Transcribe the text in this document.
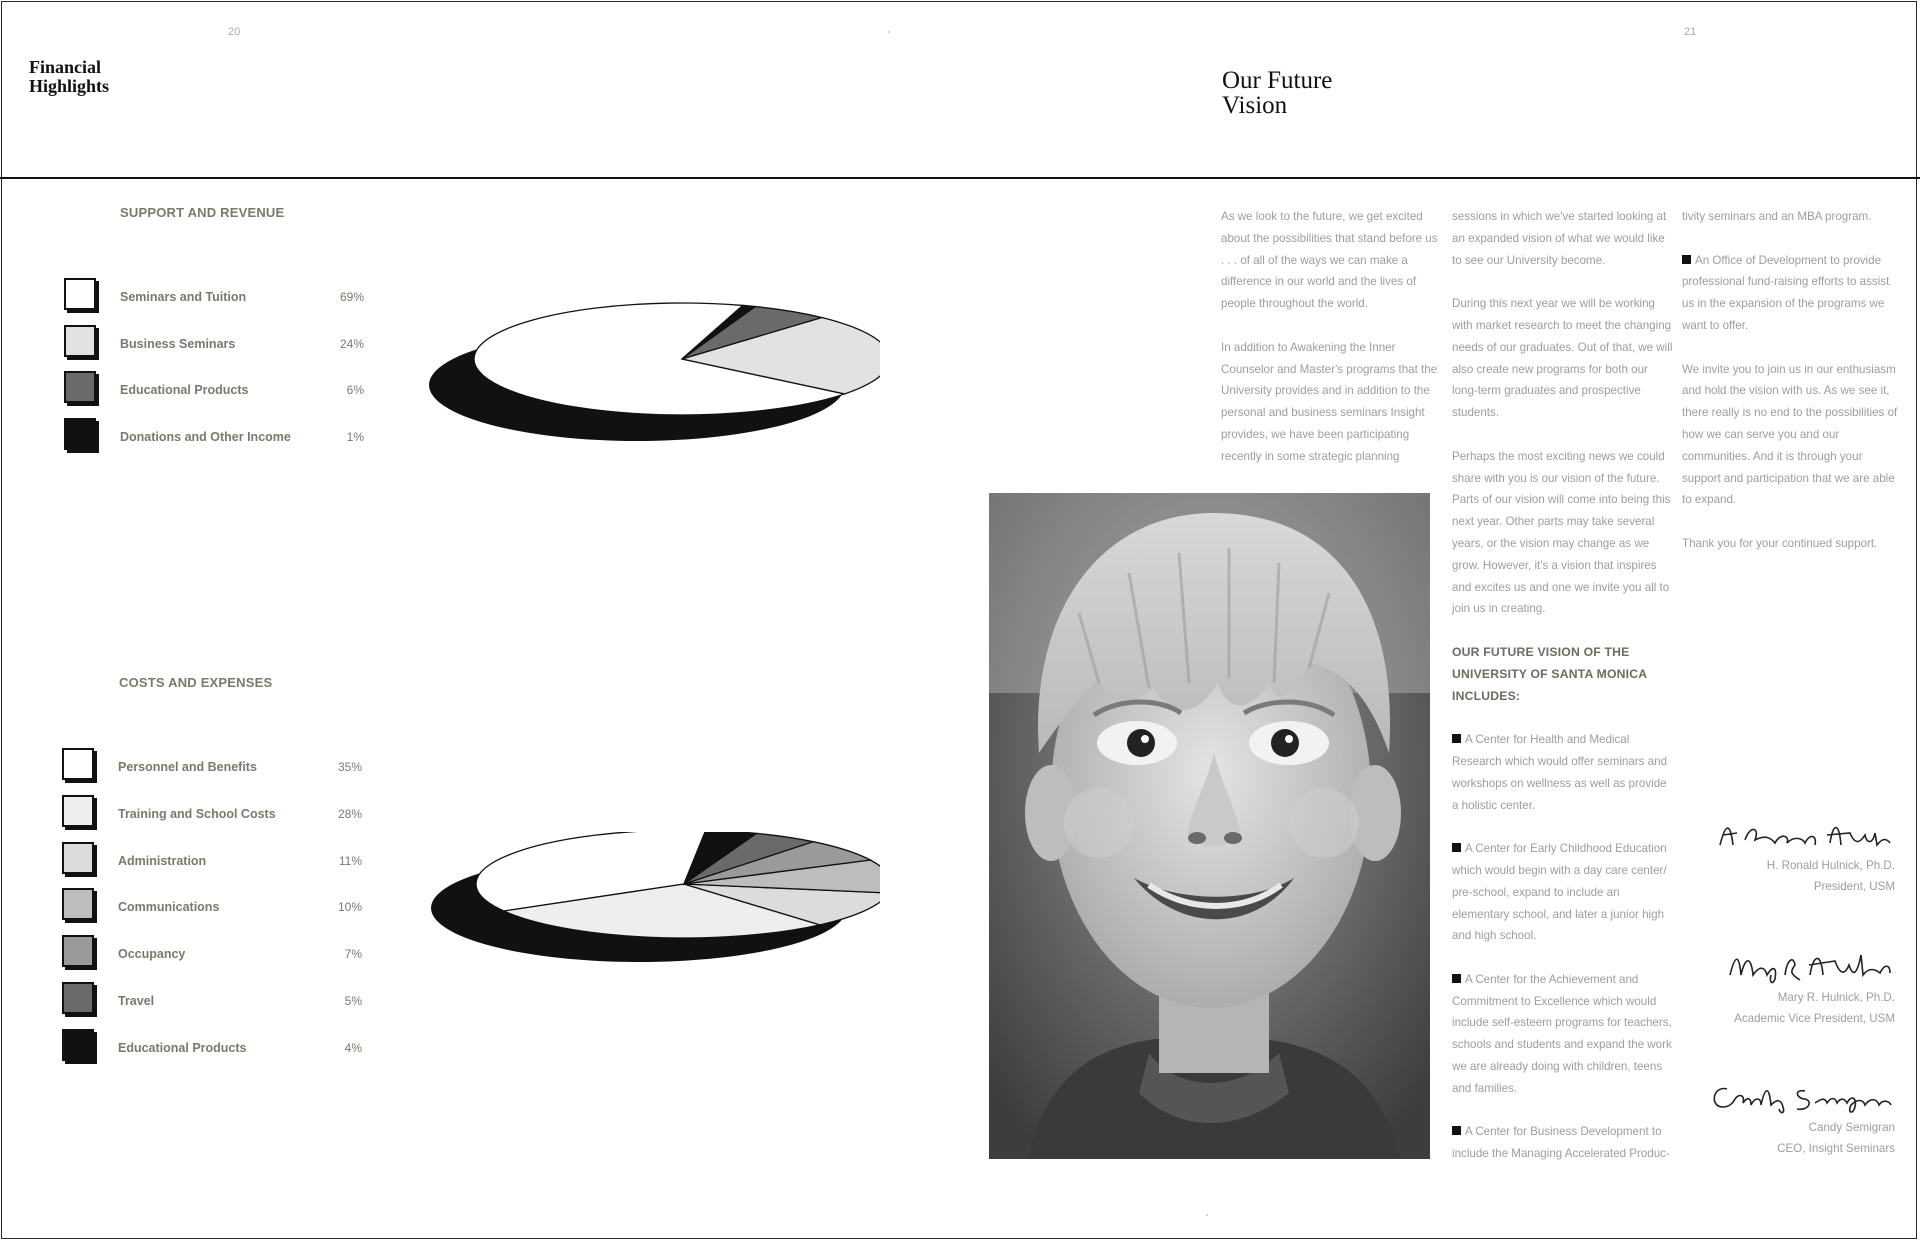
20	21
Financial
Highlights	Our Future
Vision
SUPPORT AND REVENUE
Seminars and Tuition	69%
Business Seminars	24%
Educational Products	6%
Donations and Other Income	1%
COSTS AND EXPENSES
Personnel and Benefits	35%
Training and School Costs	28%
Administration	11%
Communications	10%
Occupancy	7%
Travel	5%
Educational Products	4%

As we look to the future, we get excited about the possibilities that stand before us . . . of all of the ways we can make a difference in our world and the lives of people throughout the world.

In addition to Awakening the Inner Counselor and Master's programs that the University provides and in addition to the personal and business seminars Insight provides, we have been participating recently in some strategic planning

sessions in which we've started looking at an expanded vision of what we would like to see our University become.

During this next year we will be working with market research to meet the changing needs of our graduates. Out of that, we will also create new programs for both our long-term graduates and prospective students.

Perhaps the most exciting news we could share with you is our vision of the future. Parts of our vision will come into being this next year. Other parts may take several years, or the vision may change as we grow. However, it's a vision that inspires and excites us and one we invite you all to join us in creating.

OUR FUTURE VISION OF THE UNIVERSITY OF SANTA MONICA INCLUDES:

A Center for Health and Medical Research which would offer seminars and workshops on wellness as well as provide a holistic center.

A Center for Early Childhood Education which would begin with a day care center/ pre-school, expand to include an elementary school, and later a junior high and high school.

A Center for the Achievement and Commitment to Excellence which would include self-esteem programs for teachers, schools and students and expand the work we are already doing with children, teens and families.

A Center for Business Development to include the Managing Accelerated Produc-

tivity seminars and an MBA program.

An Office of Development to provide professional fund-raising efforts to assist us in the expansion of the programs we want to offer.

We invite you to join us in our enthusiasm and hold the vision with us. As we see it, there really is no end to the possibilities of how we can serve you and our communities. And it is through your support and participation that we are able to expand.

Thank you for your continued support.

H. Ronald Hulnick, Ph.D.
President, USM
Mary R. Hulnick, Ph.D.
Academic Vice President, USM
Candy Semigran
CEO, Insight Seminars
